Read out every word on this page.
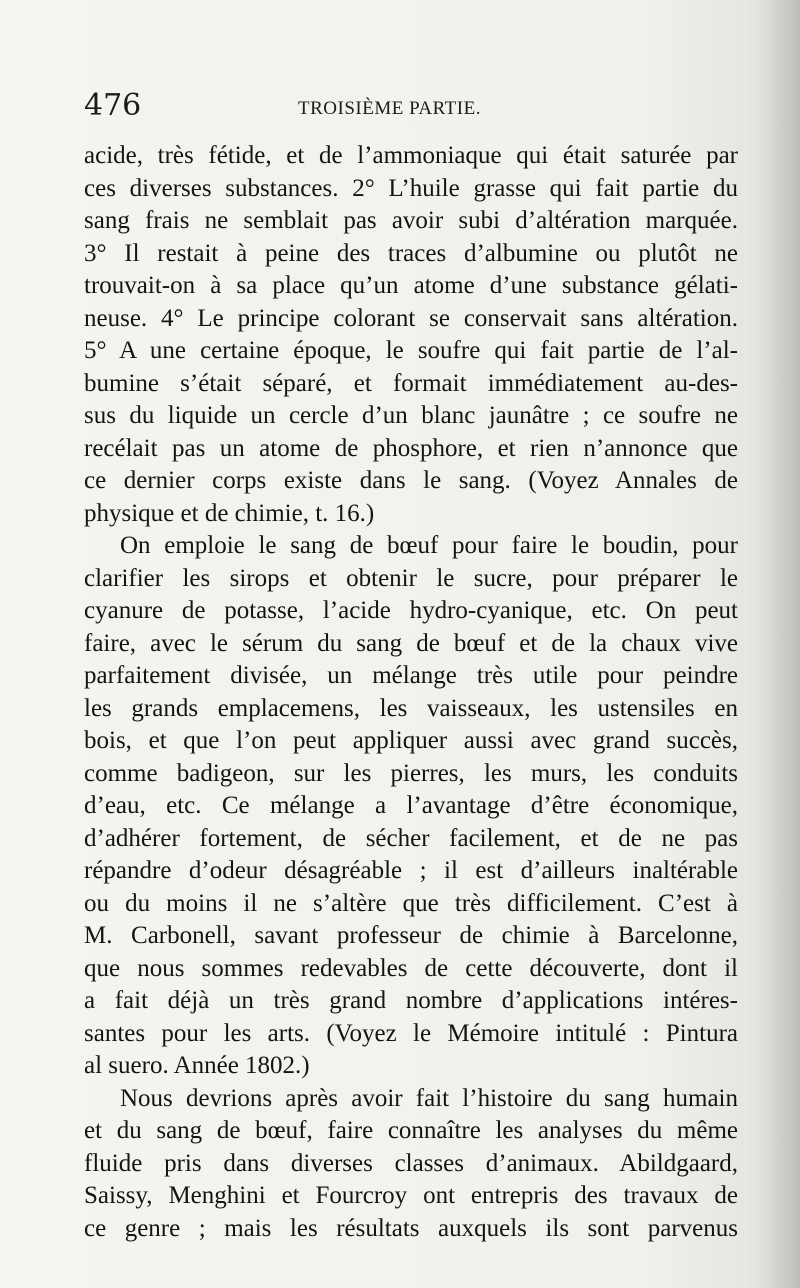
476	TROISIÈME PARTIE.

acide, très fétide, et de l’ammoniaque qui était saturée par
ces diverses substances. 2° L’huile grasse qui fait partie du
sang frais ne semblait pas avoir subi d’altération marquée.
3° Il restait à peine des traces d’albumine ou plutôt ne
trouvait-on à sa place qu’un atome d’une substance gélati-
neuse. 4° Le principe colorant se conservait sans altération.
5° A une certaine époque, le soufre qui fait partie de l’al-
bumine s’était séparé, et formait immédiatement au-des-
sus du liquide un cercle d’un blanc jaunâtre ; ce soufre ne
recélait pas un atome de phosphore, et rien n’annonce que
ce dernier corps existe dans le sang. (Voyez Annales de
physique et de chimie, t. 16.)

On emploie le sang de bœuf pour faire le boudin, pour
clarifier les sirops et obtenir le sucre, pour préparer le
cyanure de potasse, l’acide hydro-cyanique, etc. On peut
faire, avec le sérum du sang de bœuf et de la chaux vive
parfaitement divisée, un mélange très utile pour peindre
les grands emplacemens, les vaisseaux, les ustensiles en
bois, et que l’on peut appliquer aussi avec grand succès,
comme badigeon, sur les pierres, les murs, les conduits
d’eau, etc. Ce mélange a l’avantage d’être économique,
d’adhérer fortement, de sécher facilement, et de ne pas
répandre d’odeur désagréable ; il est d’ailleurs inaltérable
ou du moins il ne s’altère que très difficilement. C’est à
M. Carbonell, savant professeur de chimie à Barcelonne,
que nous sommes redevables de cette découverte, dont il
a fait déjà un très grand nombre d’applications intéres-
santes pour les arts. (Voyez le Mémoire intitulé : Pintura
al suero. Année 1802.)

Nous devrions après avoir fait l’histoire du sang humain
et du sang de bœuf, faire connaître les analyses du même
fluide pris dans diverses classes d’animaux. Abildgaard,
Saissy, Menghini et Fourcroy ont entrepris des travaux de
ce genre ; mais les résultats auxquels ils sont parvenus
